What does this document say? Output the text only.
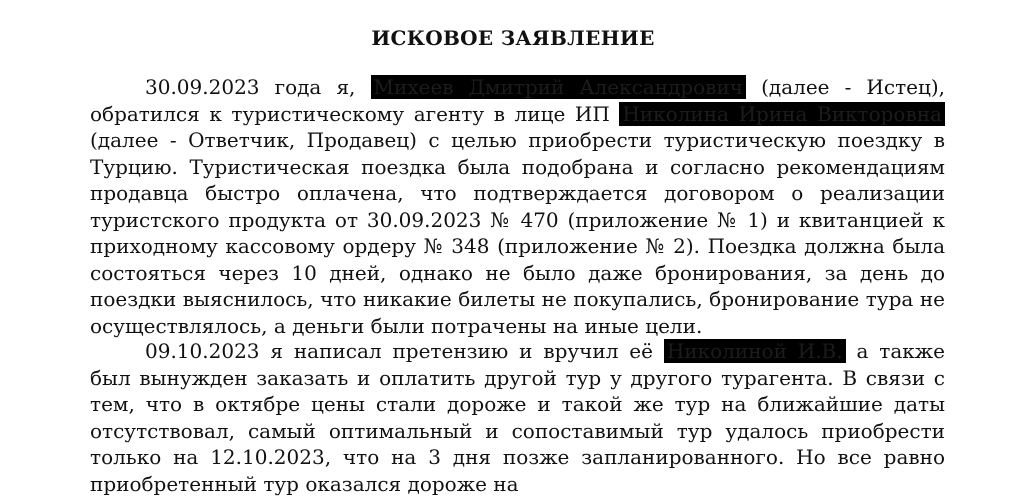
ИСКОВОЕ ЗАЯВЛЕНИЕ

30.09.2023 года я, Михеев Дмитрий Александрович (далее - Истец), обратился к туристическому агенту в лице ИП Николина Ирина Викторовна (далее - Ответчик, Продавец) с целью приобрести туристическую поездку в Турцию. Туристическая поездка была подобрана и согласно рекомендациям продавца быстро оплачена, что подтверждается договором о реализации туристского продукта от 30.09.2023 № 470 (приложение № 1) и квитанцией к приходному кассовому ордеру № 348 (приложение № 2). Поездка должна была состояться через 10 дней, однако не было даже бронирования, за день до поездки выяснилось, что никакие билеты не покупались, бронирование тура не осуществлялось, а деньги были потрачены на иные цели.

09.10.2023 я написал претензию и вручил её Николиной И.В. а также был вынужден заказать и оплатить другой тур у другого турагента. В связи с тем, что в октябре цены стали дороже и такой же тур на ближайшие даты отсутствовал, самый оптимальный и сопоставимый тур удалось приобрести только на 12.10.2023, что на 3 дня позже запланированного. Но все равно приобретенный тур оказался дороже на
